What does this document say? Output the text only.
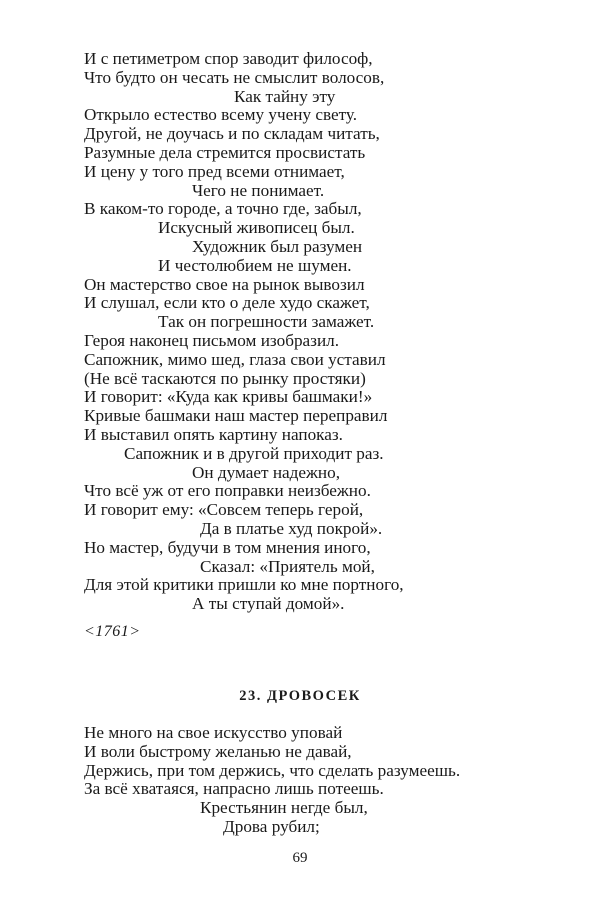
И с петиметром спор заводит философ,
Что будто он чесать не смыслит волосов,
Как тайну эту
Открыло естество всему учену свету.
Другой, не доучась и по складам читать,
Разумные дела стремится просвистать
И цену у того пред всеми отнимает,
Чего не понимает.
В каком-то городе, а точно где, забыл,
Искусный живописец был.
Художник был разумен
И честолюбием не шумен.
Он мастерство свое на рынок вывозил
И слушал, если кто о деле худо скажет,
Так он погрешности замажет.
Героя наконец письмом изобразил.
Сапожник, мимо шед, глаза свои уставил
(Не всё таскаются по рынку простяки)
И говорит: «Куда как кривы башмаки!»
Кривые башмаки наш мастер переправил
И выставил опять картину напоказ.
Сапожник и в другой приходит раз.
Он думает надежно,
Что всё уж от его поправки неизбежно.
И говорит ему: «Совсем теперь герой,
Да в платье худ покрой».
Но мастер, будучи в том мнения иного,
Сказал: «Приятель мой,
Для этой критики пришли ко мне портного,
А ты ступай домой».
<1761>
23. ДРОВОСЕК
Не много на свое искусство уповай
И воли быстрому желанью не давай,
Держись, при том держись, что сделать разумеешь.
За всё хватаяся, напрасно лишь потеешь.
Крестьянин негде был,
Дрова рубил;
69
